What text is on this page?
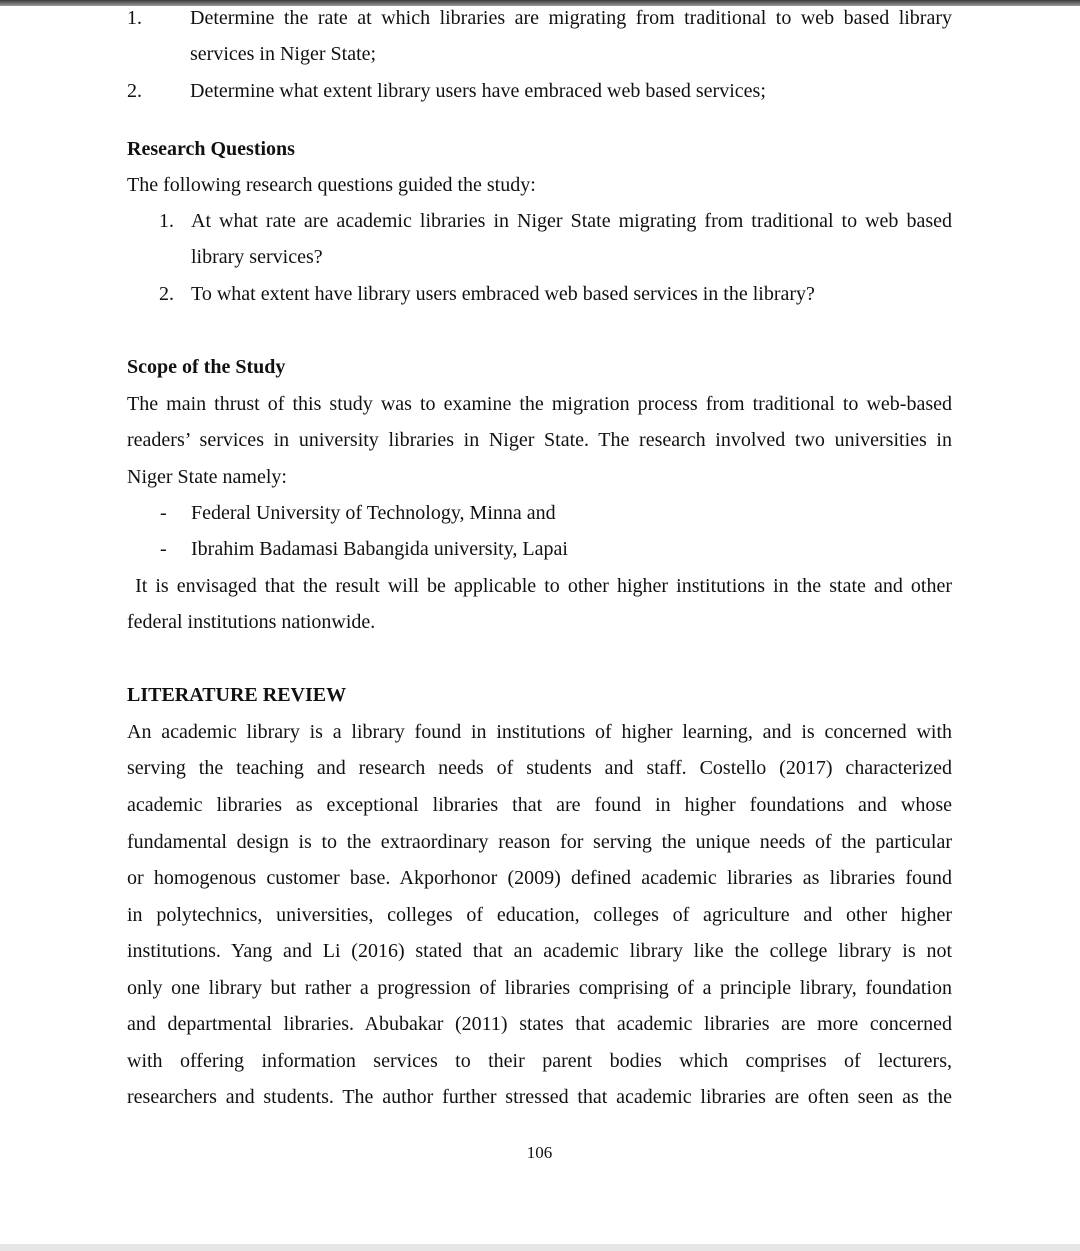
1. Determine the rate at which libraries are migrating from traditional to web based library
services in Niger State;
2. Determine what extent library users have embraced web based services;
Research Questions
The following research questions guided the study:
1. At what rate are academic libraries in Niger State migrating from traditional to web based
library services?
2. To what extent have library users embraced web based services in the library?
Scope of the Study
The main thrust of this study was to examine the migration process from traditional to web-based
readers’ services in university libraries in Niger State. The research involved two universities in
Niger State namely:
- Federal University of Technology, Minna and
- Ibrahim Badamasi Babangida university, Lapai
It is envisaged that the result will be applicable to other higher institutions in the state and other
federal institutions nationwide.
LITERATURE REVIEW
An academic library is a library found in institutions of higher learning, and is concerned with
serving the teaching and research needs of students and staff. Costello (2017) characterized
academic libraries as exceptional libraries that are found in higher foundations and whose
fundamental design is to the extraordinary reason for serving the unique needs of the particular
or homogenous customer base. Akporhonor (2009) defined academic libraries as libraries found
in polytechnics, universities, colleges of education, colleges of agriculture and other higher
institutions. Yang and Li (2016) stated that an academic library like the college library is not
only one library but rather a progression of libraries comprising of a principle library, foundation
and departmental libraries. Abubakar (2011) states that academic libraries are more concerned
with offering information services to their parent bodies which comprises of lecturers,
researchers and students. The author further stressed that academic libraries are often seen as the
106
